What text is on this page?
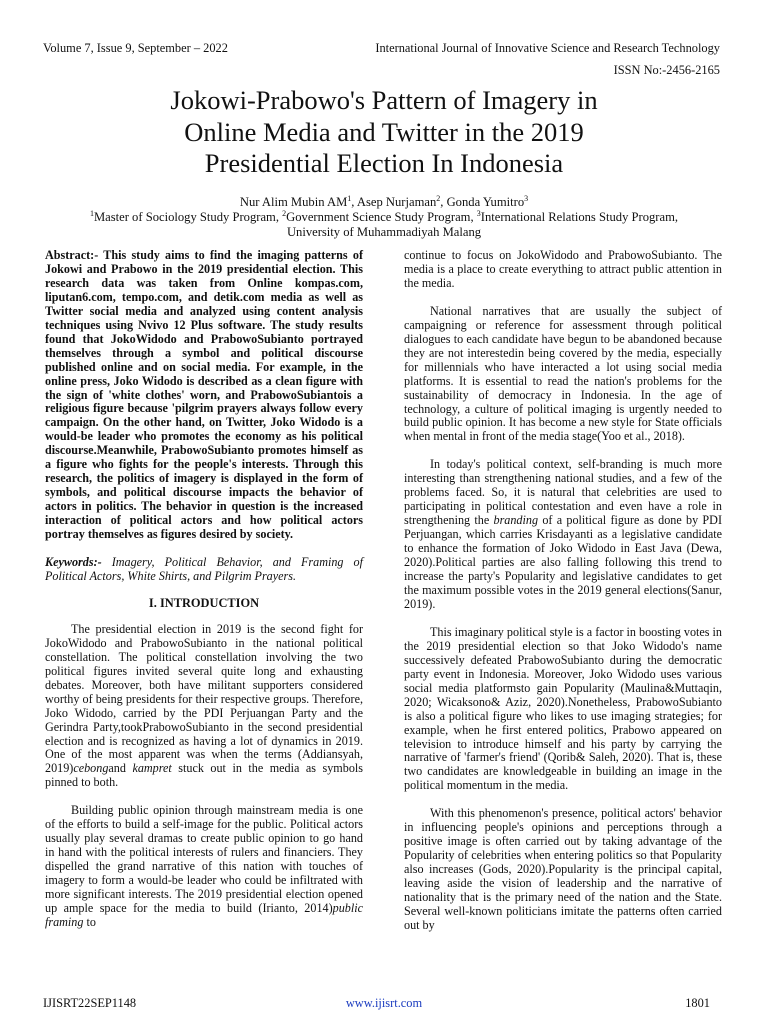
Volume 7, Issue 9, September – 2022	International Journal of Innovative Science and Research Technology
ISSN No:-2456-2165
Jokowi-Prabowo's Pattern of Imagery in
Online Media and Twitter in the 2019
Presidential Election In Indonesia
Nur Alim Mubin $AM^1$, Asep Nurjaman$^2$, Gonda Yumitro$^3$
$^1$Master of Sociology Study Program, $^2$Government Science Study Program, $^3$International Relations Study Program,
University of Muhammadiyah Malang

Abstract:- This study aims to find the imaging patterns of Jokowi and Prabowo in the 2019 presidential election. This research data was taken from Online kompas.com, liputan6.com, tempo.com, and detik.com media as well as Twitter social media and analyzed using content analysis techniques using Nvivo 12 Plus software. The study results found that JokoWidodo and PrabowoSubianto portrayed themselves through a symbol and political discourse published online and on social media. For example, in the online press, Joko Widodo is described as a clean figure with the sign of 'white clothes' worn, and PrabowoSubiantois a religious figure because 'pilgrim prayers always follow every campaign. On the other hand, on Twitter, Joko Widodo is a would-be leader who promotes the economy as his political discourse.Meanwhile, PrabowoSubianto promotes himself as a figure who fights for the people's interests. Through this research, the politics of imagery is displayed in the form of symbols, and political discourse impacts the behavior of actors in politics. The behavior in question is the increased interaction of political actors and how political actors portray themselves as figures desired by society.

Keywords:- Imagery, Political Behavior, and Framing of Political Actors, White Shirts, and Pilgrim Prayers.

I. INTRODUCTION

The presidential election in 2019 is the second fight for JokoWidodo and PrabowoSubianto in the national political constellation. The political constellation involving the two political figures invited several quite long and exhausting debates. Moreover, both have militant supporters considered worthy of being presidents for their respective groups. Therefore, Joko Widodo, carried by the PDI Perjuangan Party and the Gerindra Party,tookPrabowoSubianto in the second presidential election and is recognized as having a lot of dynamics in 2019. One of the most apparent was when the terms (Addiansyah, 2019)cebongand kampret stuck out in the media as symbols pinned to both.

Building public opinion through mainstream media is one of the efforts to build a self-image for the public. Political actors usually play several dramas to create public opinion to go hand in hand with the political interests of rulers and financiers. They dispelled the grand narrative of this nation with touches of imagery to form a would-be leader who could be infiltrated with more significant interests. The 2019 presidential election opened up ample space for the media to build (Irianto, 2014)public framing to

continue to focus on JokoWidodo and PrabowoSubianto. The media is a place to create everything to attract public attention in the media.

National narratives that are usually the subject of campaigning or reference for assessment through political dialogues to each candidate have begun to be abandoned because they are not interestedin being covered by the media, especially for millennials who have interacted a lot using social media platforms. It is essential to read the nation's problems for the sustainability of democracy in Indonesia. In the age of technology, a culture of political imaging is urgently needed to build public opinion. It has become a new style for State officials when mental in front of the media stage(Yoo et al., 2018).

In today's political context, self-branding is much more interesting than strengthening national studies, and a few of the problems faced. So, it is natural that celebrities are used to participating in political contestation and even have a role in strengthening the branding of a political figure as done by PDI Perjuangan, which carries Krisdayanti as a legislative candidate to enhance the formation of Joko Widodo in East Java (Dewa, 2020).Political parties are also falling following this trend to increase the party's Popularity and legislative candidates to get the maximum possible votes in the 2019 general elections(Sanur, 2019).

This imaginary political style is a factor in boosting votes in the 2019 presidential election so that Joko Widodo's name successively defeated PrabowoSubianto during the democratic party event in Indonesia. Moreover, Joko Widodo uses various social media platformsto gain Popularity (Maulina&Muttaqin, 2020; Wicaksono& Aziz, 2020).Nonetheless, PrabowoSubianto is also a political figure who likes to use imaging strategies; for example, when he first entered politics, Prabowo appeared on television to introduce himself and his party by carrying the narrative of 'farmer's friend' (Qorib& Saleh, 2020). That is, these two candidates are knowledgeable in building an image in the political momentum in the media.

With this phenomenon's presence, political actors' behavior in influencing people's opinions and perceptions through a positive image is often carried out by taking advantage of the Popularity of celebrities when entering politics so that Popularity also increases (Gods, 2020).Popularity is the principal capital, leaving aside the vision of leadership and the narrative of nationality that is the primary need of the nation and the State. Several well-known politicians imitate the patterns often carried out by

IJISRT22SEP1148	www.ijisrt.com	1801
